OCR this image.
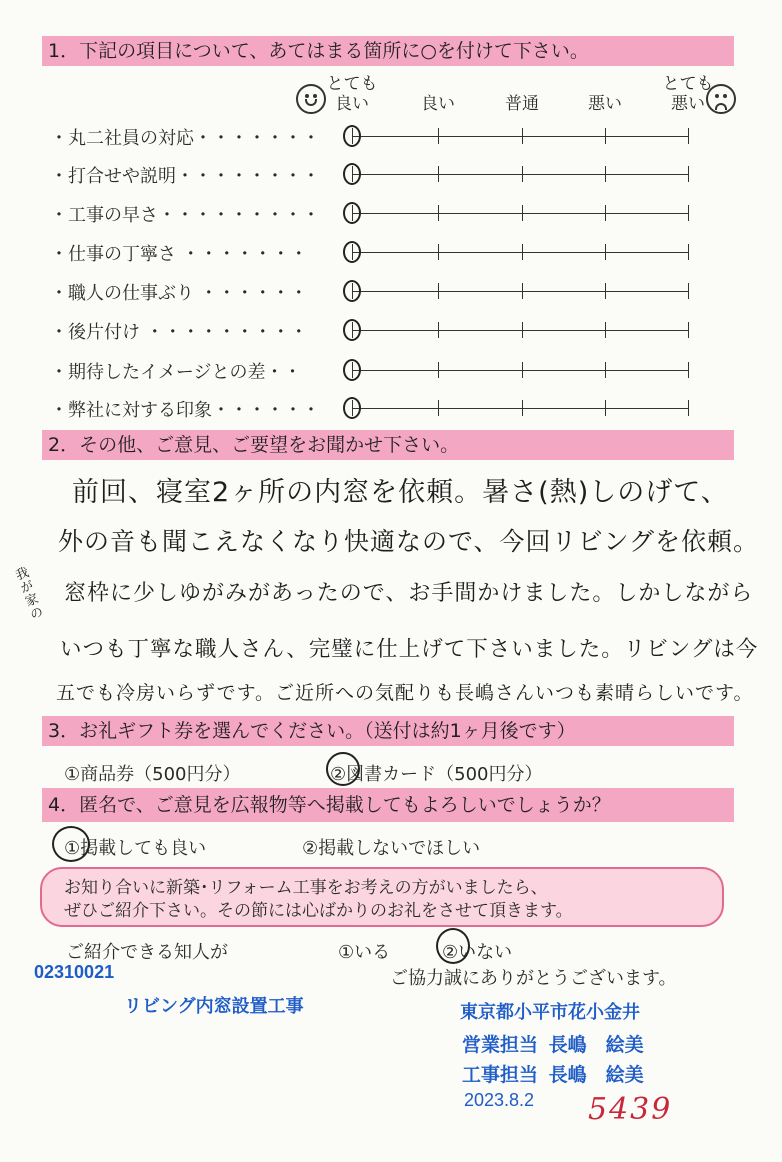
1．下記の項目について、あてはまる箇所に○を付けて下さい。
とても
良い	良い	普通	悪い
とても
悪い
・丸二社員の対応・・・・・・・
・打合せや説明・・・・・・・・
・工事の早さ・・・・・・・・・
・仕事の丁寧さ ・・・・・・・
・職人の仕事ぶり ・・・・・・
・後片付け ・・・・・・・・・
・期待したイメージとの差・・
・弊社に対する印象・・・・・・
2．その他、ご意見、ご要望をお聞かせ下さい。
前回、寝室2ヶ所の内窓を依頼。暑さ(熱)しのげて、
外の音も聞こえなくなり快適なので、今回リビングを依頼。
窓枠に少しゆがみがあったので、お手間かけました。しかしながら
いつも丁寧な職人さん、完璧に仕上げて下さいました。リビングは今
五でも冷房いらずです。ご近所への気配りも長嶋さんいつも素晴らしいです。
我が家の
3．お礼ギフト券を選んでください。（送付は約1ヶ月後です）
①商品券（500円分）	②図書カード（500円分）
4．匿名で、ご意見を広報物等へ掲載してもよろしいでしょうか？
①掲載しても良い	②掲載しないでほしい
お知り合いに新築･リフォーム工事をお考えの方がいましたら、
ぜひご紹介下さい。その節には心ばかりのお礼をさせて頂きます。
ご紹介できる知人が	①いる	②いない
ご協力誠にありがとうございます。
02310021
リビング内窓設置工事	東京都小平市花小金井
営業担当 長嶋　絵美
工事担当 長嶋　絵美
2023.8.2 5439
